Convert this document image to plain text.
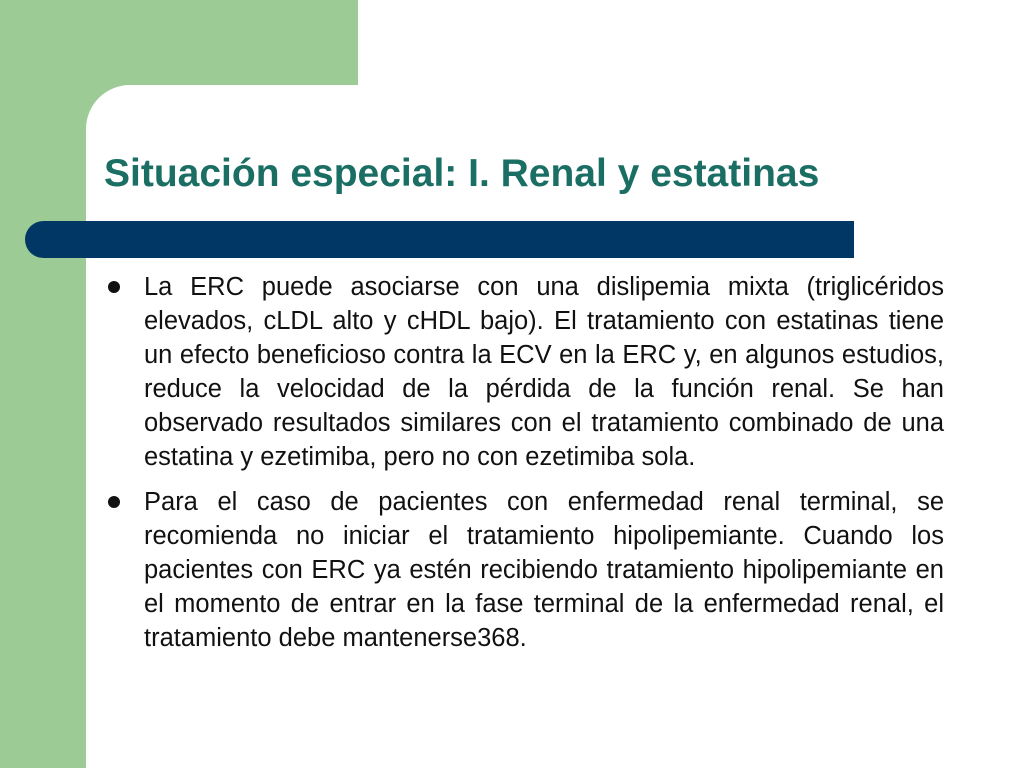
Situación especial: I. Renal y estatinas
La ERC puede asociarse con una dislipemia mixta (triglicéridos elevados, cLDL alto y cHDL bajo). El tratamiento con estatinas tiene un efecto beneficioso contra la ECV en la ERC y, en algunos estudios, reduce la velocidad de la pérdida de la función renal. Se han observado resultados similares con el tratamiento combinado de una estatina y ezetimiba, pero no con ezetimiba sola.
Para el caso de pacientes con enfermedad renal terminal, se recomienda no iniciar el tratamiento hipolipemiante. Cuando los pacientes con ERC ya estén recibiendo tratamiento hipolipemiante en el momento de entrar en la fase terminal de la enfermedad renal, el tratamiento debe mantenerse368.
